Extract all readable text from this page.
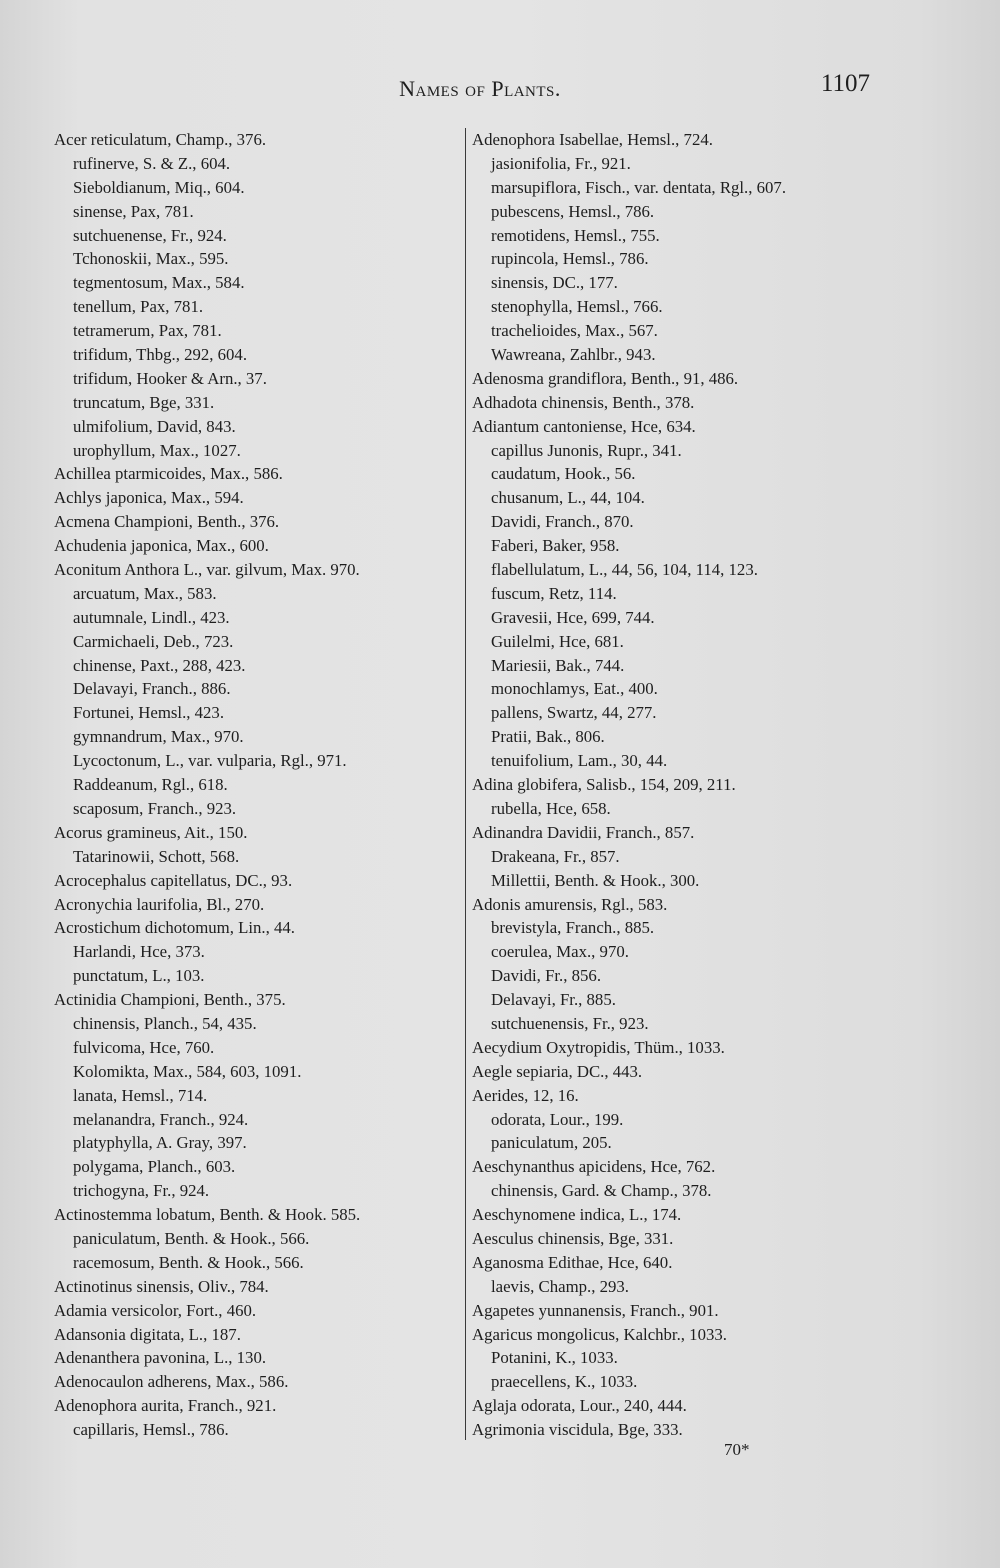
Names of Plants.	1107
Acer reticulatum, Champ., 376.
rufinerve, S. & Z., 604.
Sieboldianum, Miq., 604.
sinense, Pax, 781.
sutchuenense, Fr., 924.
Tchonoskii, Max., 595.
tegmentosum, Max., 584.
tenellum, Pax, 781.
tetramerum, Pax, 781.
trifidum, Thbg., 292, 604.
trifidum, Hooker & Arn., 37.
truncatum, Bge, 331.
ulmifolium, David, 843.
urophyllum, Max., 1027.
Achillea ptarmicoides, Max., 586.
Achlys japonica, Max., 594.
Acmena Championi, Benth., 376.
Achudenia japonica, Max., 600.
Aconitum Anthora L., var. gilvum, Max. 970.
arcuatum, Max., 583.
autumnale, Lindl., 423.
Carmichaeli, Deb., 723.
chinense, Paxt., 288, 423.
Delavayi, Franch., 886.
Fortunei, Hemsl., 423.
gymnandrum, Max., 970.
Lycoctonum, L., var. vulparia, Rgl., 971.
Raddeanum, Rgl., 618.
scaposum, Franch., 923.
Acorus gramineus, Ait., 150.
Tatarinowii, Schott, 568.
Acrocephalus capitellatus, DC., 93.
Acronychia laurifolia, Bl., 270.
Acrostichum dichotomum, Lin., 44.
Harlandi, Hce, 373.
punctatum, L., 103.
Actinidia Championi, Benth., 375.
chinensis, Planch., 54, 435.
fulvicoma, Hce, 760.
Kolomikta, Max., 584, 603, 1091.
lanata, Hemsl., 714.
melanandra, Franch., 924.
platyphylla, A. Gray, 397.
polygama, Planch., 603.
trichogyna, Fr., 924.
Actinostemma lobatum, Benth. & Hook. 585.
paniculatum, Benth. & Hook., 566.
racemosum, Benth. & Hook., 566.
Actinotinus sinensis, Oliv., 784.
Adamia versicolor, Fort., 460.
Adansonia digitata, L., 187.
Adenanthera pavonina, L., 130.
Adenocaulon adherens, Max., 586.
Adenophora aurita, Franch., 921.
capillaris, Hemsl., 786.
Adenophora Isabellae, Hemsl., 724.
jasionifolia, Fr., 921.
marsupiflora, Fisch., var. dentata, Rgl., 607.
pubescens, Hemsl., 786.
remotidens, Hemsl., 755.
rupincola, Hemsl., 786.
sinensis, DC., 177.
stenophylla, Hemsl., 766.
trachelioides, Max., 567.
Wawreana, Zahlbr., 943.
Adenosma grandiflora, Benth., 91, 486.
Adhadota chinensis, Benth., 378.
Adiantum cantoniense, Hce, 634.
capillus Junonis, Rupr., 341.
caudatum, Hook., 56.
chusanum, L., 44, 104.
Davidi, Franch., 870.
Faberi, Baker, 958.
flabellulatum, L., 44, 56, 104, 114, 123.
fuscum, Retz, 114.
Gravesii, Hce, 699, 744.
Guilelmi, Hce, 681.
Mariesii, Bak., 744.
monochlamys, Eat., 400.
pallens, Swartz, 44, 277.
Pratii, Bak., 806.
tenuifolium, Lam., 30, 44.
Adina globifera, Salisb., 154, 209, 211.
rubella, Hce, 658.
Adinandra Davidii, Franch., 857.
Drakeana, Fr., 857.
Millettii, Benth. & Hook., 300.
Adonis amurensis, Rgl., 583.
brevistyla, Franch., 885.
coerulea, Max., 970.
Davidi, Fr., 856.
Delavayi, Fr., 885.
sutchuenensis, Fr., 923.
Aecydium Oxytropidis, Thüm., 1033.
Aegle sepiaria, DC., 443.
Aerides, 12, 16.
odorata, Lour., 199.
paniculatum, 205.
Aeschynanthus apicidens, Hce, 762.
chinensis, Gard. & Champ., 378.
Aeschynomene indica, L., 174.
Aesculus chinensis, Bge, 331.
Aganosma Edithae, Hce, 640.
laevis, Champ., 293.
Agapetes yunnanensis, Franch., 901.
Agaricus mongolicus, Kalchbr., 1033.
Potanini, K., 1033.
praecellens, K., 1033.
Aglaja odorata, Lour., 240, 444.
Agrimonia viscidula, Bge, 333.
70*
